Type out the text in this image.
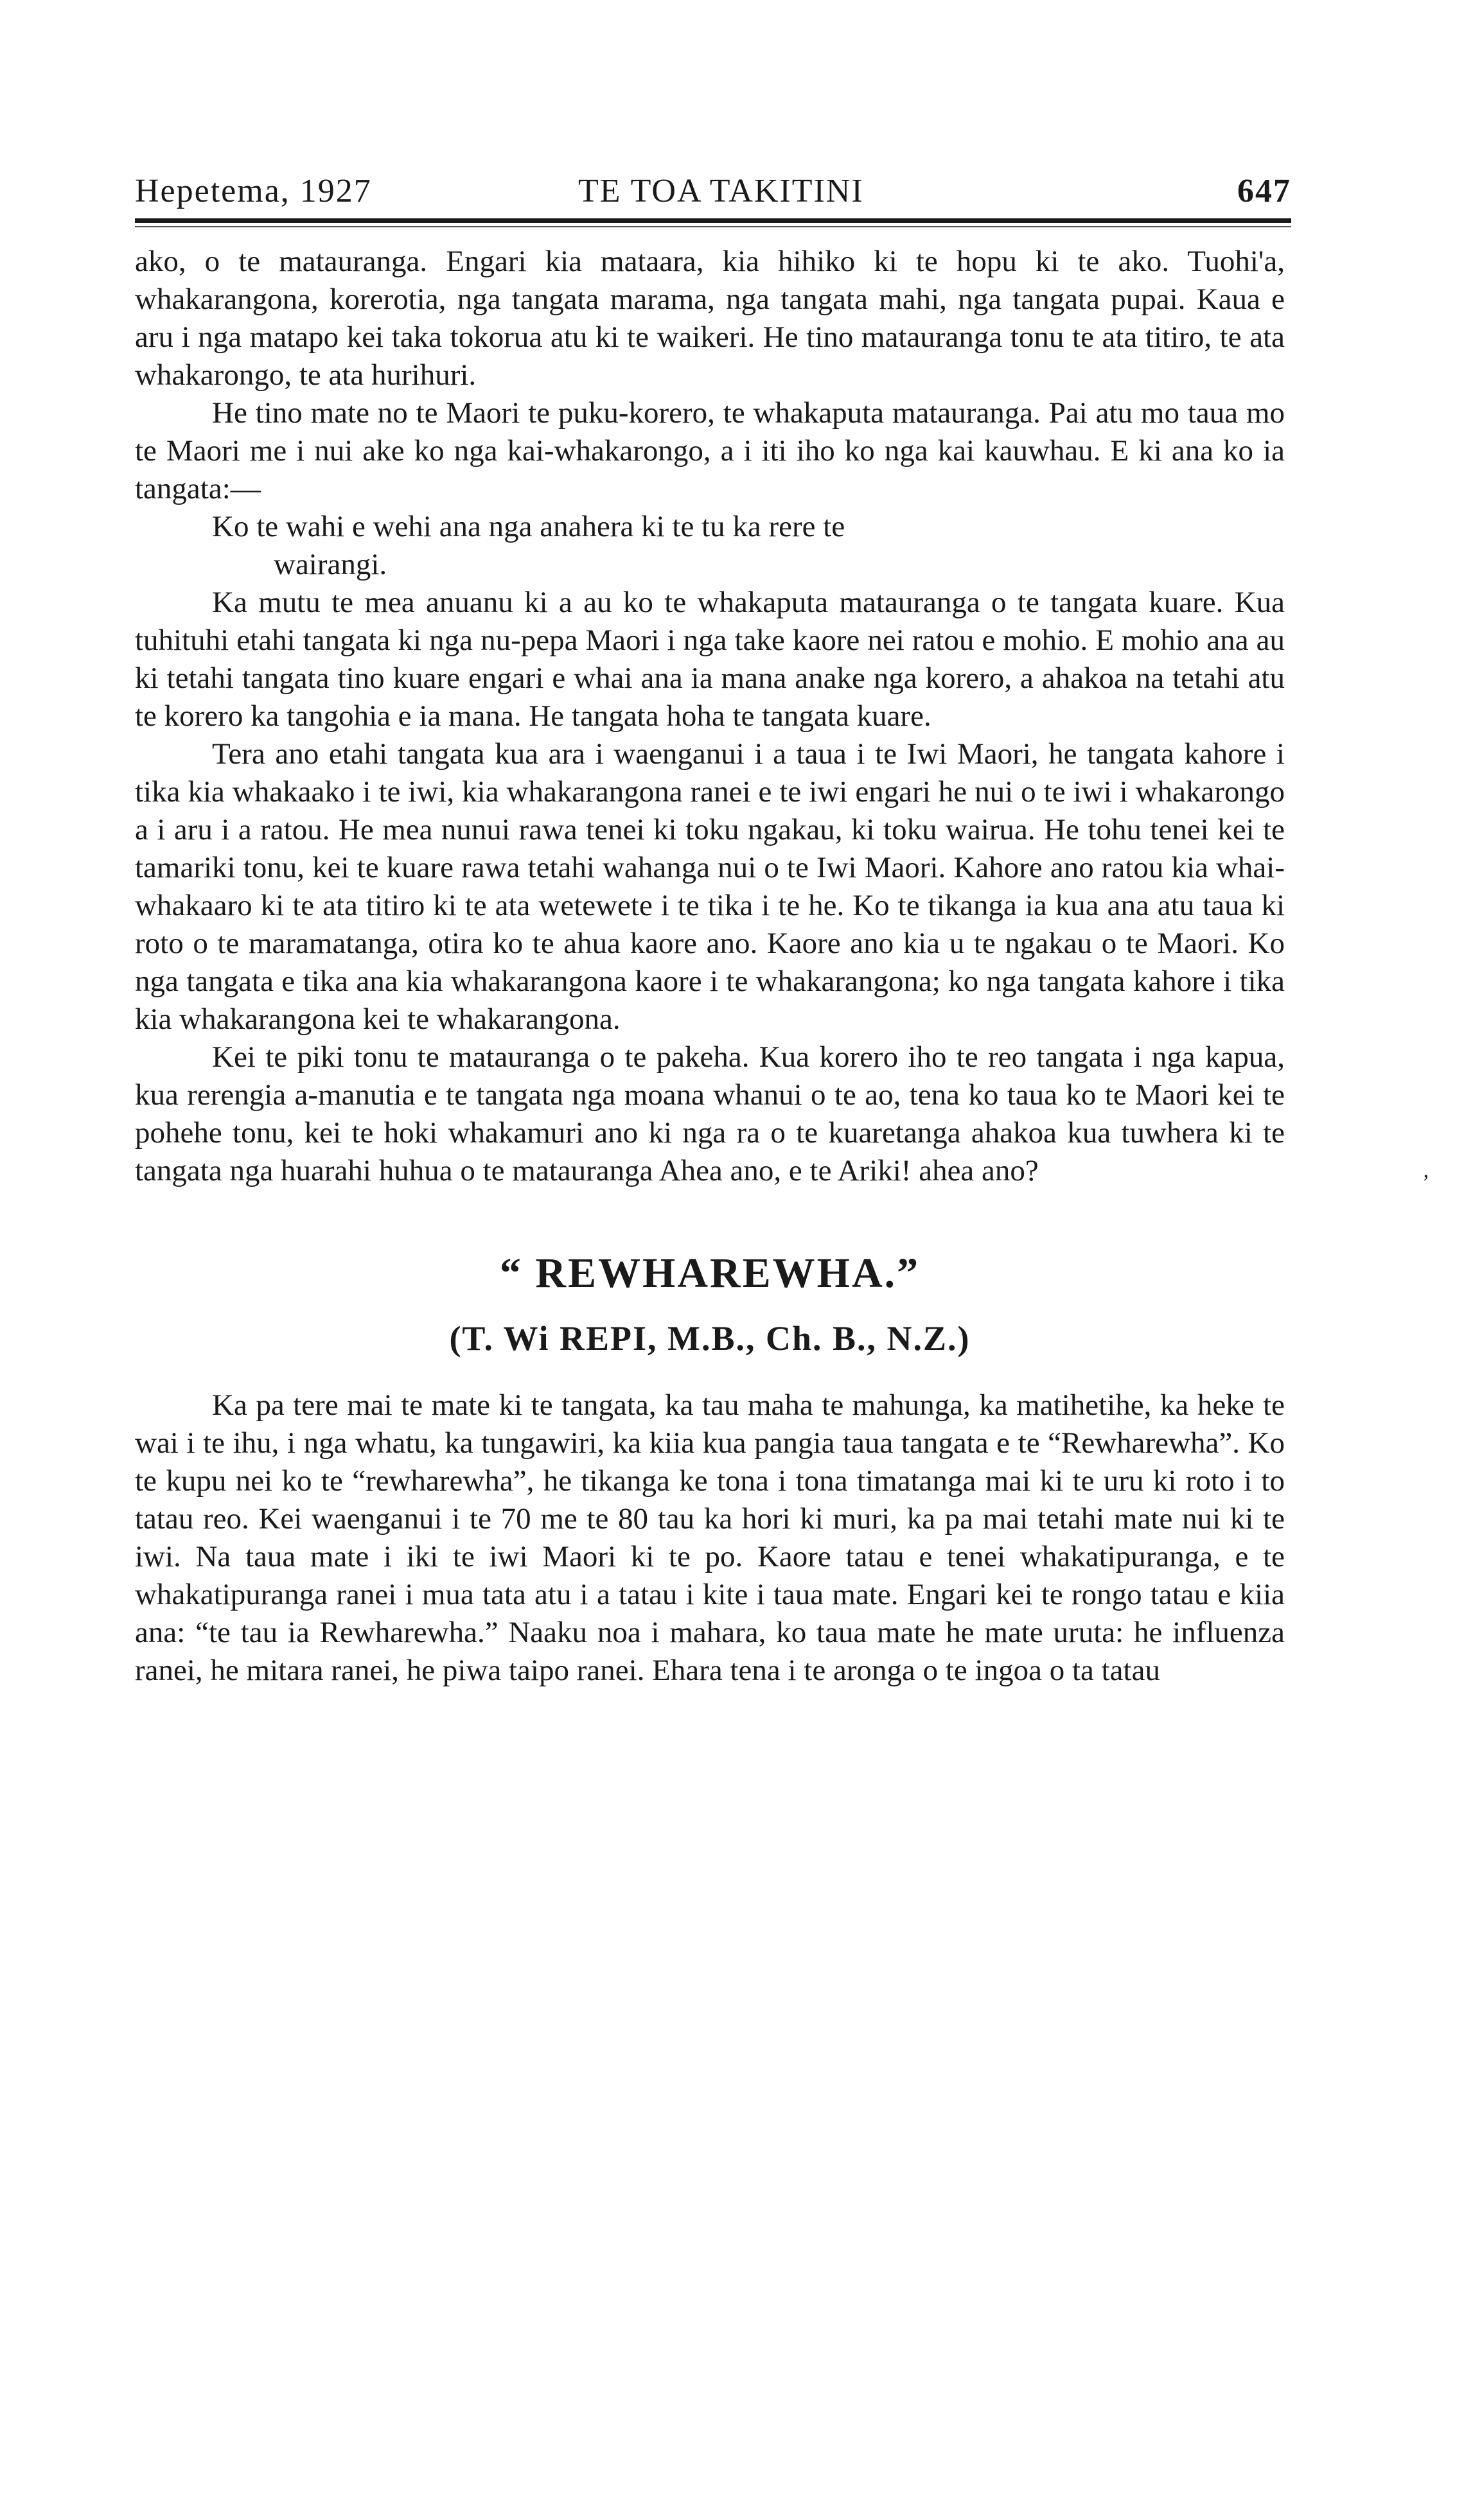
Hepetema, 1927	TE TOA TAKITINI	647

ako, o te matauranga. Engari kia mataara, kia hihiko ki te hopu ki te ako. Tuohi'a, whakarangona, korerotia, nga tangata marama, nga tangata mahi, nga tangata pupai. Kaua e aru i nga matapo kei taka tokorua atu ki te waikeri. He tino matauranga tonu te ata titiro, te ata whakarongo, te ata hurihuri.

He tino mate no te Maori te puku-korero, te whakaputa matauranga. Pai atu mo taua mo te Maori me i nui ake ko nga kai-whakarongo, a i iti iho ko nga kai kauwhau. E ki ana ko ia tangata:—

Ko te wahi e wehi ana nga anahera ki te tu ka rere te
wairangi.

Ka mutu te mea anuanu ki a au ko te whakaputa matauranga o te tangata kuare. Kua tuhituhi etahi tangata ki nga nu-pepa Maori i nga take kaore nei ratou e mohio. E mohio ana au ki tetahi tangata tino kuare engari e whai ana ia mana anake nga korero, a ahakoa na tetahi atu te korero ka tangohia e ia mana. He tangata hoha te tangata kuare.

Tera ano etahi tangata kua ara i waenganui i a taua i te Iwi Maori, he tangata kahore i tika kia whakaako i te iwi, kia whakarangona ranei e te iwi engari he nui o te iwi i whakarongo a i aru i a ratou. He mea nunui rawa tenei ki toku ngakau, ki toku wairua. He tohu tenei kei te tamariki tonu, kei te kuare rawa tetahi wahanga nui o te Iwi Maori. Kahore ano ratou kia whai-whakaaro ki te ata titiro ki te ata wetewete i te tika i te he. Ko te tikanga ia kua ana atu taua ki roto o te maramatanga, otira ko te ahua kaore ano. Kaore ano kia u te ngakau o te Maori. Ko nga tangata e tika ana kia whakarangona kaore i te whakarangona; ko nga tangata kahore i tika kia whakarangona kei te whakarangona.

Kei te piki tonu te matauranga o te pakeha. Kua korero iho te reo tangata i nga kapua, kua rerengia a-manutia e te tangata nga moana whanui o te ao, tena ko taua ko te Maori kei te pohehe tonu, kei te hoki whakamuri ano ki nga ra o te kuaretanga ahakoa kua tuwhera ki te tangata nga huarahi huhua o te matauranga Ahea ano, e te Ariki! ahea ano?

“ REWHAREWHA.”
(T. Wi REPI, M.B., Ch. B., N.Z.)

Ka pa tere mai te mate ki te tangata, ka tau maha te mahunga, ka matihetihe, ka heke te wai i te ihu, i nga whatu, ka tungawiri, ka kiia kua pangia taua tangata e te “Rewharewha”. Ko te kupu nei ko te “rewharewha”, he tikanga ke tona i tona timatanga mai ki te uru ki roto i to tatau reo. Kei waenganui i te 70 me te 80 tau ka hori ki muri, ka pa mai tetahi mate nui ki te iwi. Na taua mate i iki te iwi Maori ki te po. Kaore tatau e tenei whakatipuranga, e te whakatipuranga ranei i mua tata atu i a tatau i kite i taua mate. Engari kei te rongo tatau e kiia ana: “te tau ia Rewharewha.” Naaku noa i mahara, ko taua mate he mate uruta: he influenza ranei, he mitara ranei, he piwa taipo ranei. Ehara tena i te aronga o te ingoa o ta tatau

‚
